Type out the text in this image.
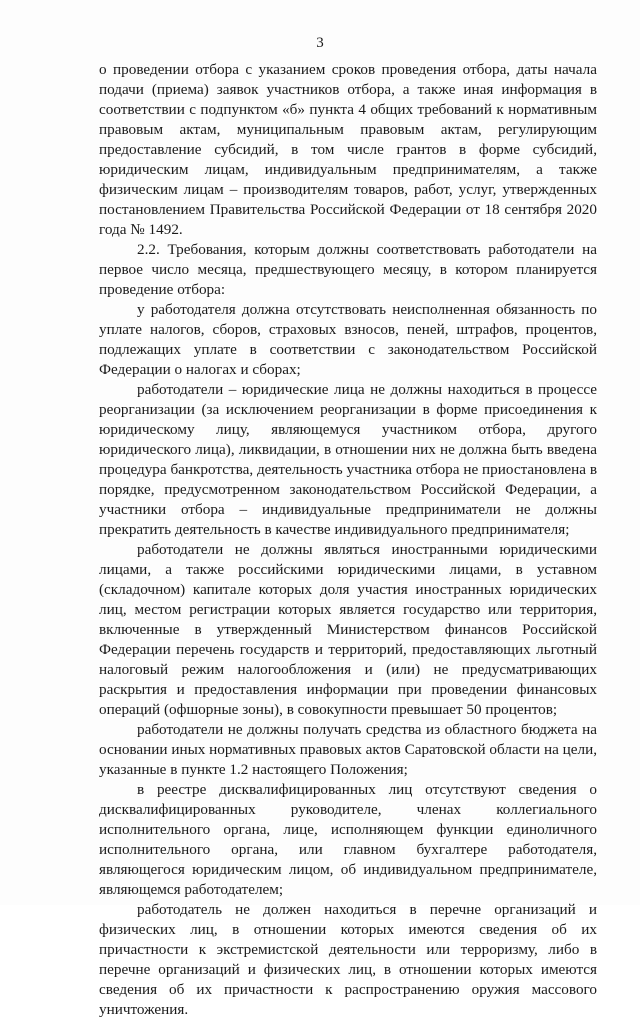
3

о проведении отбора с указанием сроков проведения отбора, даты начала подачи (приема) заявок участников отбора, а также иная информация в соответствии с подпунктом «б» пункта 4 общих требований к нормативным правовым актам, муниципальным правовым актам, регулирующим предоставление субсидий, в том числе грантов в форме субсидий, юридическим лицам, индивидуальным предпринимателям, а также физическим лицам – производителям товаров, работ, услуг, утвержденных постановлением Правительства Российской Федерации от 18 сентября 2020 года № 1492.

2.2. Требования, которым должны соответствовать работодатели на первое число месяца, предшествующего месяцу, в котором планируется проведение отбора:

у работодателя должна отсутствовать неисполненная обязанность по уплате налогов, сборов, страховых взносов, пеней, штрафов, процентов, подлежащих уплате в соответствии с законодательством Российской Федерации о налогах и сборах;

работодатели – юридические лица не должны находиться в процессе реорганизации (за исключением реорганизации в форме присоединения к юридическому лицу, являющемуся участником отбора, другого юридического лица), ликвидации, в отношении них не должна быть введена процедура банкротства, деятельность участника отбора не приостановлена в порядке, предусмотренном законодательством Российской Федерации, а участники отбора – индивидуальные предприниматели не должны прекратить деятельность в качестве индивидуального предпринимателя;

работодатели не должны являться иностранными юридическими лицами, а также российскими юридическими лицами, в уставном (складочном) капитале которых доля участия иностранных юридических лиц, местом регистрации которых является государство или территория, включенные в утвержденный Министерством финансов Российской Федерации перечень государств и территорий, предоставляющих льготный налоговый режим налогообложения и (или) не предусматривающих раскрытия и предоставления информации при проведении финансовых операций (офшорные зоны), в совокупности превышает 50 процентов;

работодатели не должны получать средства из областного бюджета на основании иных нормативных правовых актов Саратовской области на цели, указанные в пункте 1.2 настоящего Положения;

в реестре дисквалифицированных лиц отсутствуют сведения о дисквалифицированных руководителе, членах коллегиального исполнительного органа, лице, исполняющем функции единоличного исполнительного органа, или главном бухгалтере работодателя, являющегося юридическим лицом, об индивидуальном предпринимателе, являющемся работодателем;

работодатель не должен находиться в перечне организаций и физических лиц, в отношении которых имеются сведения об их причастности к экстремистской деятельности или терроризму, либо в перечне организаций и физических лиц, в отношении которых имеются сведения об их причастности к распространению оружия массового уничтожения.
